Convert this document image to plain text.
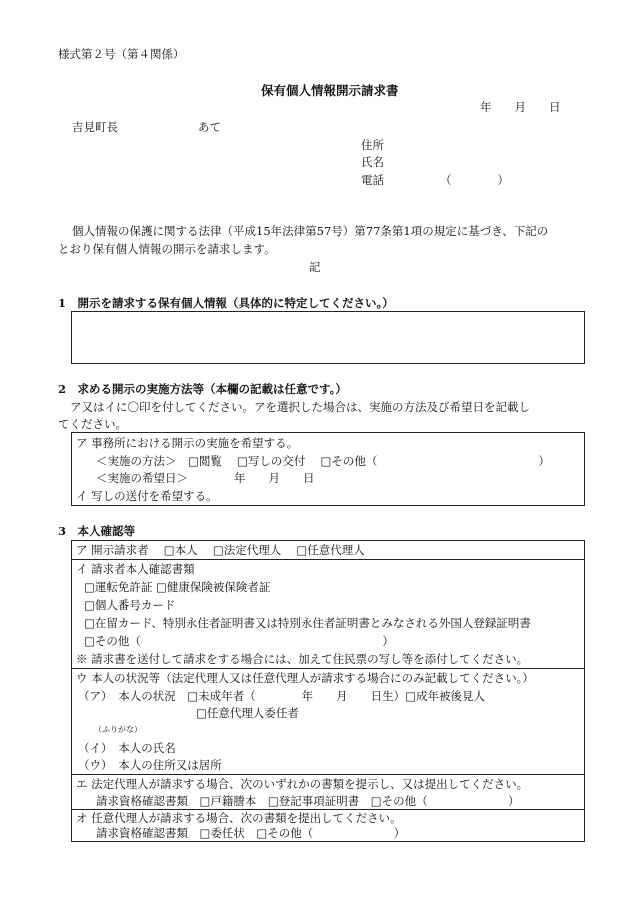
様式第２号（第４関係）
保有個人情報開示請求書
年　　月　　日
吉見町長	あて
住所
氏名
電話	（　　　　）
個人情報の保護に関する法律（平成15年法律第57号）第77条第1項の規定に基づき、下記の
とおり保有個人情報の開示を請求します。
記
1　開示を請求する保有個人情報（具体的に特定してください。）
2　求める開示の実施方法等（本欄の記載は任意です。）
ア又はイに〇印を付してください。アを選択した場合は、実施の方法及び希望日を記載し
てください。
ア 事務所における開示の実施を希望する。
＜実施の方法＞　□閲覧　 □写しの交付　 □その他（　　　　　　　　　　　　　　）
＜実施の希望日＞　　　　年　　月　　日
イ 写しの送付を希望する。
3　本人確認等
ア 開示請求者　 □本人　 □法定代理人　 □任意代理人
イ 請求者本人確認書類
□運転免許証 □健康保険被保険者証
□個人番号カード
□在留カード、特別永住者証明書又は特別永住者証明書とみなされる外国人登録証明書
□その他（　　　　　　　　　　　　　　　　　　　　　）
※ 請求書を送付して請求をする場合には、加えて住民票の写し等を添付してください。
ウ 本人の状況等（法定代理人又は任意代理人が請求する場合にのみ記載してください。）
（ア）　本人の状況　□未成年者（　　　　年　　月　　日生）□成年被後見人
□任意代理人委任者
（ふりがな）
（イ）　本人の氏名
（ウ）　本人の住所又は居所
エ 法定代理人が請求する場合、次のいずれかの書類を提示し、又は提出してください。
請求資格確認書類　□戸籍謄本　□登記事項証明書　□その他（　　　　　　　）
オ 任意代理人が請求する場合、次の書類を提出してください。
請求資格確認書類　□委任状　□その他（　　　　　　　）
